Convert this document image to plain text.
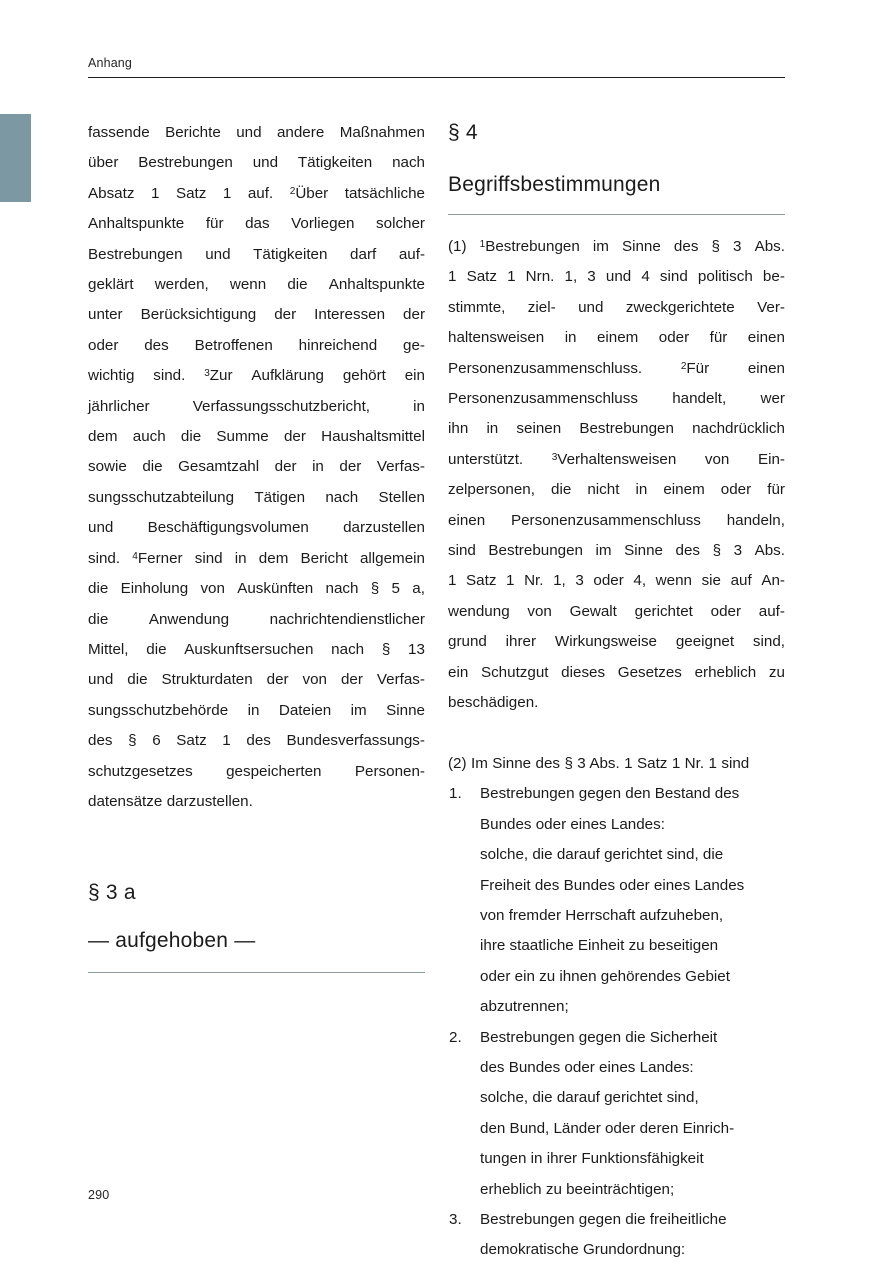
Anhang
fassende Berichte und andere Maßnahmen
über Bestrebungen und Tätigkeiten nach
Absatz 1 Satz 1 auf. $^2$Über tatsächliche
Anhaltspunkte für das Vorliegen solcher
Bestrebungen und Tätigkeiten darf auf-
geklärt werden, wenn die Anhaltspunkte
unter Berücksichtigung der Interessen der
oder des Betroffenen hinreichend ge-
wichtig sind. $^3$Zur Aufklärung gehört ein
jährlicher	Verfassungsschutzbericht,	in
dem auch die Summe der Haushaltsmittel
sowie die Gesamtzahl der in der Verfas-
sungsschutzabteilung Tätigen nach Stellen
und Beschäftigungsvolumen darzustellen
sind. $^4$Ferner sind in dem Bericht allgemein
die Einholung von Auskünften nach § 5 a,
die	Anwendung	nachrichtendienstlicher
Mittel, die Auskunftsersuchen nach § 13
und die Strukturdaten der von der Verfas-
sungsschutzbehörde in Dateien im Sinne
des § 6 Satz 1 des Bundesverfassungs-
schutzgesetzes gespeicherten Personen-
datensätze darzustellen.
§ 3 a
— aufgehoben —
§ 4
Begriffsbestimmungen
(1) $^1$Bestrebungen im Sinne des § 3 Abs.
1 Satz 1 Nrn. 1, 3 und 4 sind politisch be-
stimmte, ziel- und zweckgerichtete Ver-
haltensweisen in einem oder für einen
Personenzusammenschluss.	$^2$Für	einen
Personenzusammenschluss handelt, wer
ihn in seinen Bestrebungen nachdrücklich
unterstützt.	$^3$Verhaltensweisen von Ein-
zelpersonen, die nicht in einem oder für
einen Personenzusammenschluss handeln,
sind Bestrebungen im Sinne des § 3 Abs.
1 Satz 1 Nr. 1, 3 oder 4, wenn sie auf An-
wendung von Gewalt gerichtet oder auf-
grund ihrer Wirkungsweise geeignet sind,
ein Schutzgut dieses Gesetzes erheblich zu
beschädigen.
(2) Im Sinne des § 3 Abs. 1 Satz 1 Nr. 1 sind
1.	Bestrebungen gegen den Bestand des
Bundes oder eines Landes:
solche, die darauf gerichtet sind, die
Freiheit des Bundes oder eines Landes
von fremder Herrschaft aufzuheben,
ihre staatliche Einheit zu beseitigen
oder ein zu ihnen gehörendes Gebiet
abzutrennen;
2.	Bestrebungen gegen die Sicherheit
des Bundes oder eines Landes:
solche, die darauf gerichtet sind,
den Bund, Länder oder deren Einrich-
tungen in ihrer Funktionsfähigkeit
erheblich zu beeinträchtigen;
3.	Bestrebungen gegen die freiheitliche
demokratische Grundordnung:
290
